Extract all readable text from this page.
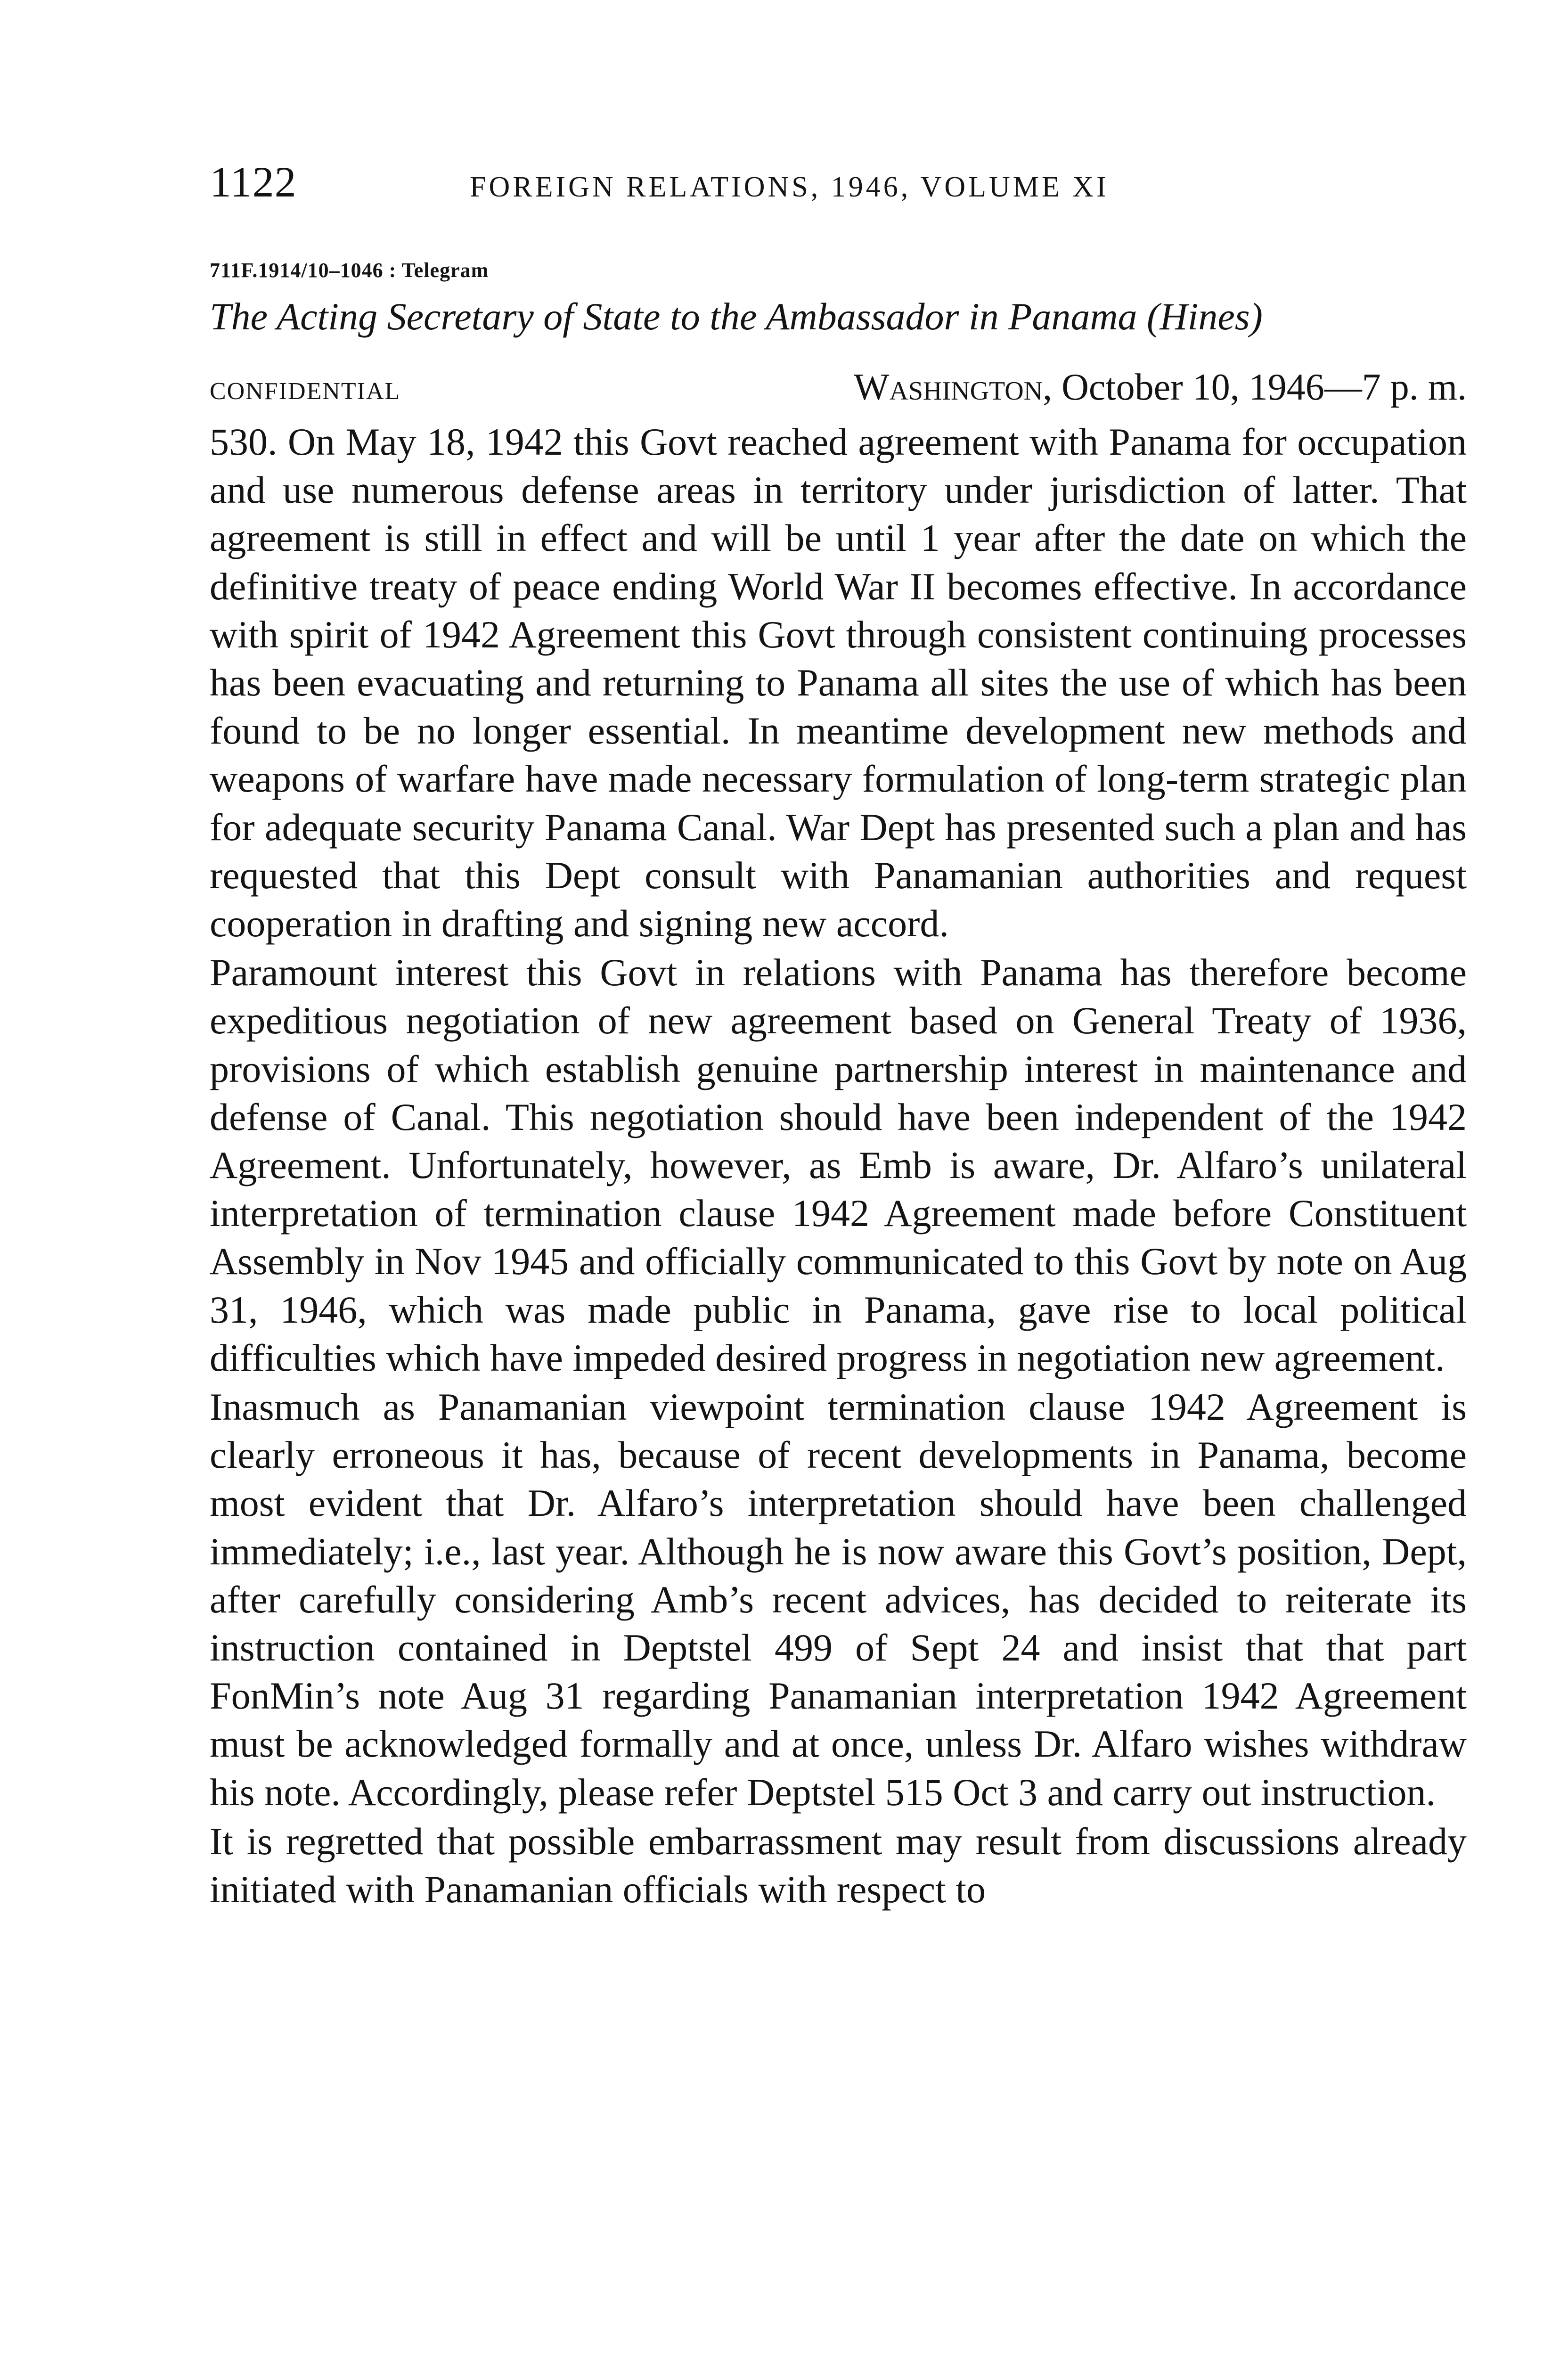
1122	FOREIGN RELATIONS, 1946, VOLUME XI
711F.1914/10–1046 : Telegram
The Acting Secretary of State to the Ambassador in Panama (Hines)
CONFIDENTIAL	Washington, October 10, 1946—7 p. m.

530. On May 18, 1942 this Govt reached agreement with Panama for occupation and use numerous defense areas in territory under jurisdiction of latter. That agreement is still in effect and will be until 1 year after the date on which the definitive treaty of peace ending World War II becomes effective. In accordance with spirit of 1942 Agreement this Govt through consistent continuing processes has been evacuating and returning to Panama all sites the use of which has been found to be no longer essential. In meantime development new methods and weapons of warfare have made necessary formulation of long-term strategic plan for adequate security Panama Canal. War Dept has presented such a plan and has requested that this Dept consult with Panamanian authorities and request cooperation in drafting and signing new accord.

Paramount interest this Govt in relations with Panama has therefore become expeditious negotiation of new agreement based on General Treaty of 1936, provisions of which establish genuine partnership interest in maintenance and defense of Canal. This negotiation should have been independent of the 1942 Agreement. Unfortunately, however, as Emb is aware, Dr. Alfaro’s unilateral interpretation of termination clause 1942 Agreement made before Constituent Assembly in Nov 1945 and officially communicated to this Govt by note on Aug 31, 1946, which was made public in Panama, gave rise to local political difficulties which have impeded desired progress in negotiation new agreement.

Inasmuch as Panamanian viewpoint termination clause 1942 Agreement is clearly erroneous it has, because of recent developments in Panama, become most evident that Dr. Alfaro’s interpretation should have been challenged immediately; i.e., last year. Although he is now aware this Govt’s position, Dept, after carefully considering Amb’s recent advices, has decided to reiterate its instruction contained in Deptstel 499 of Sept 24 and insist that that part FonMin’s note Aug 31 regarding Panamanian interpretation 1942 Agreement must be acknowledged formally and at once, unless Dr. Alfaro wishes withdraw his note. Accordingly, please refer Deptstel 515 Oct 3 and carry out instruction.

It is regretted that possible embarrassment may result from discussions already initiated with Panamanian officials with respect to
